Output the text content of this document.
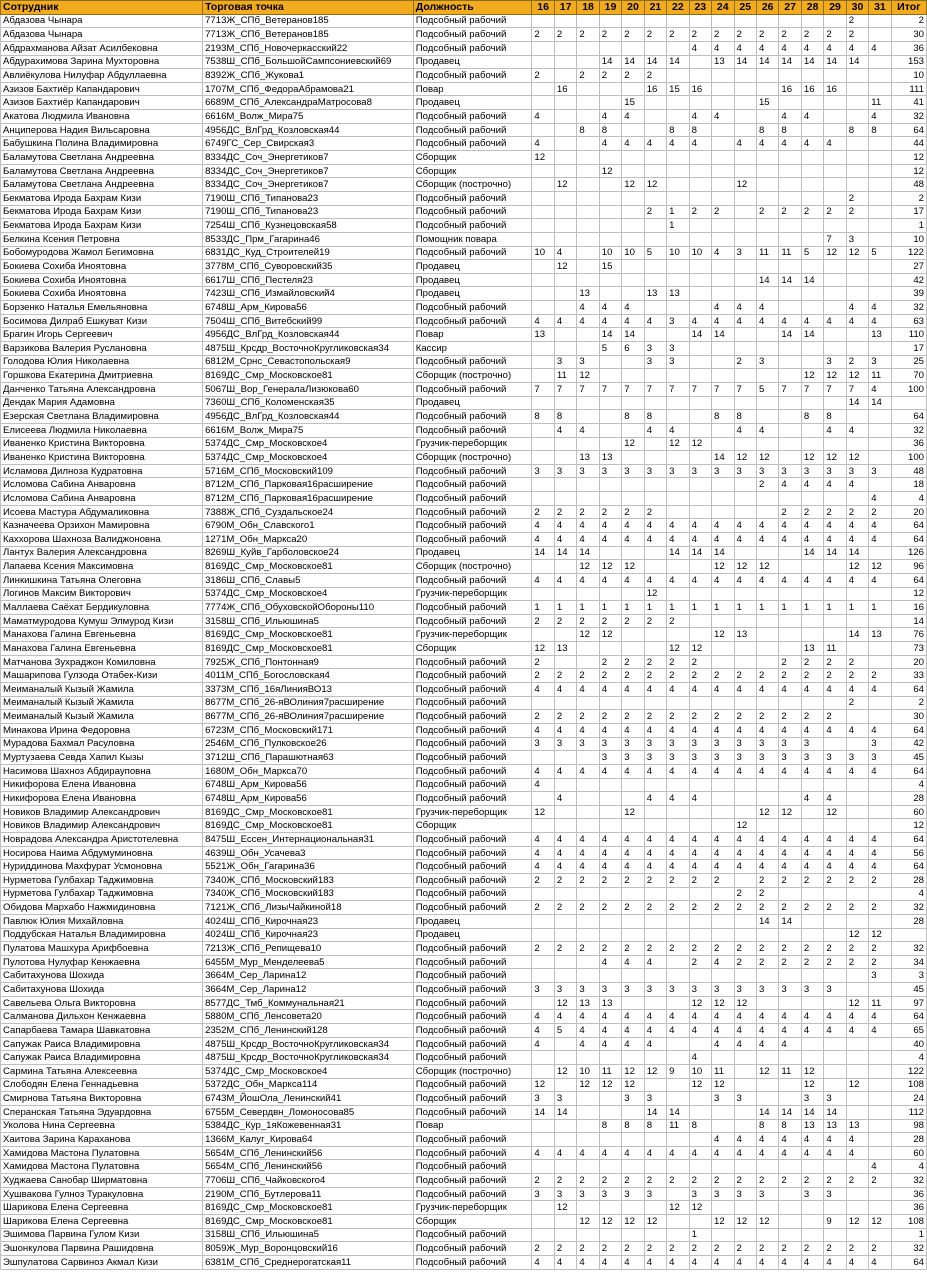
Сотрудник	Торговая точка	Должность	16	17	18	19	20	21	22	23	24	25	26	27	28	29	30	31	Итог
Абдазова Чынара	7713Ж_СПб_Ветеранов185	Подсобный рабочий															2		2
Абдазова Чынара	7713Ж_СПб_Ветеранов185	Подсобный рабочий	2	2	2	2	2	2	2	2	2	2	2	2	2	2	2		30
Абдрахманова Айзат Асилбековна	2193М_СПб_Новочеркасский22	Подсобный рабочий								4	4	4	4	4	4	4	4	4	36
Абдурахимова Зарина Мухторовна	7538Ш_СПб_БольшойСампсониевский69	Продавец				14	14	14	14		13	14	14	14	14	14	14		153
Авлиёкулова Нилуфар Абдуллаевна	8392Ж_СПб_Жукова1	Подсобный рабочий	2		2	2	2	2											10
Азизов Бахтиёр Капандарович	1707М_СПб_ФедораАбрамова21	Повар		16				16	15	16				16	16	16			111
Азизов Бахтиёр Капандарович	6689М_СПб_АлександраМатросова8	Продавец					15						15					11	41
Акатова Людмила Ивановна	6616М_Волж_Мира75	Подсобный рабочий	4			4	4			4	4			4	4			4	32
Анциперова Надия Вильсаровна	4956ДС_ВлГрд_Козловская44	Подсобный рабочий			8	8			8	8			8	8			8	8	64
Бабушкина Полина Владимировна	6749ГС_Сер_Свирская3	Подсобный рабочий	4			4	4	4	4	4		4	4	4	4	4			44
Баламутова Светлана Андреевна	8334ДС_Соч_Энергетиков7	Сборщик	12																12
Баламутова Светлана Андреевна	8334ДС_Соч_Энергетиков7	Сборщик				12													12
Баламутова Светлана Андреевна	8334ДС_Соч_Энергетиков7	Сборщик (построчно)		12			12	12				12							48
Бекматова Ирода Бахрам Кизи	7190Ш_СПб_Типанова23	Подсобный рабочий															2		2
Бекматова Ирода Бахрам Кизи	7190Ш_СПб_Типанова23	Подсобный рабочий						2	1	2	2		2	2	2	2	2		17
Бекматова Ирода Бахрам Кизи	7254Ш_СПб_Кузнецовская58	Подсобный рабочий							1										1
Белкина Ксения Петровна	8533ДС_Прм_Гагарина46	Помощник повара														7	3		10
Бобомуродова Жамол Бегимовна	6831ДС_Куд_Строителей19	Подсобный рабочий	10	4		10	10	5	10	10	4	3	11	11	5	12	12	5	122
Бокиева Сохиба Иноятовна	3778М_СПб_Суворовский35	Продавец		12		15													27
Бокиева Сохиба Иноятовна	6617Ш_СПб_Пестеля23	Продавец											14	14	14				42
Бокиева Сохиба Иноятовна	7423Ш_СПб_Измайловский4	Продавец			13			13	13										39
Борзенко Наталья Емельяновна	6748Ш_Арм_Кирова56	Подсобный рабочий			4	4	4				4	4	4				4	4	32
Босимова Дилраб Ешкуват Кизи	7504Ш_СПб_Витебский99	Подсобный рабочий	4	4	4	4	4	4	3	4	4	4	4	4	4	4	4	4	63
Брагин Игорь Сергеевич	4956ДС_ВлГрд_Козловская44	Повар	13			14	14			14	14			14	14			13	110
Варзикова Валерия Руслановна	4875Ш_Крсдр_ВосточноКругликовская34	Кассир				5	6	3	3										17
Голодова Юлия Николаевна	6812М_Срнс_Севастопольская9	Подсобный рабочий		3	3			3	3			2	3			3	2	3	25
Горшкова Екатерина Дмитриевна	8169ДС_Смр_Московское81	Сборщик (построчно)		11	12										12	12	12	11	70
Данченко Татьяна Александровна	5067Ш_Вор_ГенералаЛизюкова60	Подсобный рабочий	7	7	7	7	7	7	7	7	7	7	5	7	7	7	7	4	100
Дендак Мария Адамовна	7360Ш_СПб_Коломенская35	Продавец															14	14	
Езерская Светлана Владимировна	4956ДС_ВлГрд_Козловская44	Подсобный рабочий	8	8			8	8			8	8			8	8			64
Елисеева Людмила Николаевна	6616М_Волж_Мира75	Подсобный рабочий		4	4			4	4			4	4			4	4		32
Иваненко Кристина Викторовна	5374ДС_Смр_Московское4	Грузчик-переборщик					12		12	12									36
Иваненко Кристина Викторовна	5374ДС_Смр_Московское4	Сборщик (построчно)			13	13					14	12	12		12	12	12		100
Исламова Дилноза Кудратовна	5716М_СПб_Московский109	Подсобный рабочий	3	3	3	3	3	3	3	3	3	3	3	3	3	3	3	3	48
Исломова Сабина Анваровна	8712М_СПб_Парковая16расширение	Подсобный рабочий											2	4	4	4	4		18
Исломова Сабина Анваровна	8712М_СПб_Парковая16расширение	Подсобный рабочий																4	4
Исоева Мастура Абдумаликовна	7388Ж_СПб_Суздальское24	Подсобный рабочий	2	2	2	2	2	2						2	2	2	2	2	20
Казначеева Орзихон Мамировна	6790М_Обн_Славского1	Подсобный рабочий	4	4	4	4	4	4	4	4	4	4	4	4	4	4	4	4	64
Каххорова Шахноза Валиджоновна	1271М_Обн_Маркса20	Подсобный рабочий	4	4	4	4	4	4	4	4	4	4	4	4	4	4	4	4	64
Лантух Валерия Александровна	8269Ш_Куйв_Гарболовское24	Продавец	14	14	14				14	14	14				14	14	14		126
Лапаева Ксения Максимовна	8169ДС_Смр_Московское81	Сборщик (построчно)			12	12	12				12	12	12				12	12	96
Линкишкина Татьяна Олеговна	3186Ш_СПб_Славы5	Подсобный рабочий	4	4	4	4	4	4	4	4	4	4	4	4	4	4	4	4	64
Логинов Максим Викторович	5374ДС_Смр_Московское4	Грузчик-переборщик						12											12
Маллаева Саёхат Бердикуловна	7774Ж_СПб_ОбуховскойОбороны110	Подсобный рабочий	1	1	1	1	1	1	1	1	1	1	1	1	1	1	1	1	16
Маматмуродова Кумуш Элмурод Кизи	3158Ш_СПб_Ильюшина5	Подсобный рабочий	2	2	2	2	2	2	2										14
Манахова Галина Евгеньевна	8169ДС_Смр_Московское81	Грузчик-переборщик			12	12					12	13					14	13	76
Манахова Галина Евгеньевна	8169ДС_Смр_Московское81	Сборщик	12	13					12	12					13	11			73
Матчанова Зухраджон Комиловна	7925Ж_СПб_Понтонная9	Подсобный рабочий	2			2	2	2	2	2				2	2	2	2		20
Машарипова Гулзода Отабек-Кизи	4011М_СПб_Богословская4	Подсобный рабочий	2	2	2	2	2	2	2	2	2	2	2	2	2	2	2	2	33
Меиманалый Кызый Жамила	3373М_СПб_16яЛинияВО13	Подсобный рабочий	4	4	4	4	4	4	4	4	4	4	4	4	4	4	4	4	64
Меиманалый Кызый Жамила	8677М_СПб_26-яВОлиния7расширение	Подсобный рабочий															2		2
Меиманалый Кызый Жамила	8677М_СПб_26-яВОлиния7расширение	Подсобный рабочий	2	2	2	2	2	2	2	2	2	2	2	2	2	2			30
Минакова Ирина Федоровна	6723М_СПб_Московский171	Подсобный рабочий	4	4	4	4	4	4	4	4	4	4	4	4	4	4	4	4	64
Мурадова Бахмал Расуловна	2546М_СПб_Пулковское26	Подсобный рабочий	3	3	3	3	3	3	3	3	3	3	3	3	3			3	42
Муртузаева Севда Хапил Кызы	3712Ш_СПб_Парашютная63	Подсобный рабочий				3	3	3	3	3	3	3	3	3	3	3	3	3	45
Насимова Шахноз Абдирауповна	1680М_Обн_Маркса70	Подсобный рабочий	4	4	4	4	4	4	4	4	4	4	4	4	4	4	4	4	64
Никифорова Елена Ивановна	6748Ш_Арм_Кирова56	Подсобный рабочий	4																4
Никифорова Елена Ивановна	6748Ш_Арм_Кирова56	Подсобный рабочий		4				4	4	4					4	4			28
Новиков Владимир Александрович	8169ДС_Смр_Московское81	Грузчик-переборщик	12				12						12	12		12			60
Новиков Владимир Александрович	8169ДС_Смр_Московское81	Сборщик										12							12
Новрадова Александра Аристотелевна	8475Ш_Ессен_Интернациональная31	Подсобный рабочий	4	4	4	4	4	4	4	4	4	4	4	4	4	4	4	4	64
Носирова Наима Абдумуминовна	4639Ш_Обн_Усачева3	Подсобный рабочий	4	4	4	4	4	4	4	4	4	4	4	4	4	4	4	4	56
Нуриддинова Махфурат Усмоновна	5521Ж_Обн_Гагарина36	Подсобный рабочий	4	4	4	4	4	4	4	4	4	4	4	4	4	4	4	4	64
Нурметова Гулбахар Таджимовна	7340Ж_СПб_Московский183	Подсобный рабочий	2	2	2	2	2	2	2	2	2		2	2	2	2	2	2	28
Нурметова Гулбахар Таджимовна	7340Ж_СПб_Московский183	Подсобный рабочий										2	2						4
Обидова Мархабо Нажмидиновна	7121Ж_СПб_ЛизыЧайкиной18	Подсобный рабочий	2	2	2	2	2	2	2	2	2	2	2	2	2	2	2	2	32
Павлюк Юлия Михайловна	4024Ш_СПб_Кирочная23	Продавец											14	14					28
Поддубская Наталья Владимировна	4024Ш_СПб_Кирочная23	Продавец															12	12	
Пулатова Машхура Арифбоевна	7213Ж_СПб_Репищева10	Подсобный рабочий	2	2	2	2	2	2	2	2	2	2	2	2	2	2	2	2	32
Пулотова Нулуфар Кенжаевна	6455М_Мур_Менделеева5	Подсобный рабочий				4	4	4		2	4	2	2	2	2	2	2	2	34
Сабитахунова Шохида	3664М_Сер_Ларина12	Подсобный рабочий																3	3
Сабитахунова Шохида	3664М_Сер_Ларина12	Подсобный рабочий	3	3	3	3	3	3	3	3	3	3	3	3	3	3			45
Савельева Ольга Викторовна	8577ДС_Тмб_Коммунальная21	Подсобный рабочий		12	13	13				12	12	12					12	11	97
Салманова Дильхон Кенжаевна	5880М_СПб_Ленсовета20	Подсобный рабочий	4	4	4	4	4	4	4	4	4	4	4	4	4	4	4	4	64
Сапарбаева Тамара Шавкатовна	2352М_СПб_Ленинский128	Подсобный рабочий	4	5	4	4	4	4	4	4	4	4	4	4	4	4	4	4	65
Сапужак Раиса Владимировна	4875Ш_Крсдр_ВосточноКругликовская34	Подсобный рабочий	4		4	4	4	4			4	4	4	4					40
Сапужак Раиса Владимировна	4875Ш_Крсдр_ВосточноКругликовская34	Подсобный рабочий								4									4
Сармина Татьяна Алексеевна	5374ДС_Смр_Московское4	Сборщик (построчно)		12	10	11	12	12	9	10	11		12	11	12				122
Слободян Елена Геннадьевна	5372ДС_Обн_Маркса114	Подсобный рабочий	12		12	12	12			12	12				12		12		108
Смирнова Татьяна Викторовна	6743М_ЙошОла_Ленинский41	Подсобный рабочий	3	3			3	3			3	3			3	3			24
Сперанская Татьяна Эдуардовна	6755М_Севердвн_Ломоносова85	Подсобный рабочий	14	14				14	14				14	14	14	14			112
Уколова Нина Сергеевна	5384ДС_Кур_1яКожевенная31	Повар				8	8	8	11	8			8	8	13	13	13		98
Хаитова Зарина Караханова	1366М_Калуг_Кирова64	Подсобный рабочий									4	4	4	4	4	4	4		28
Хамидова Мастона Пулатовна	5654М_СПб_Ленинский56	Подсобный рабочий	4	4	4	4	4	4	4	4	4	4	4	4	4	4	4		60
Хамидова Мастона Пулатовна	5654М_СПб_Ленинский56	Подсобный рабочий																4	4
Худжаева Санобар Ширматовна	7706Ш_СПб_Чайковского4	Подсобный рабочий	2	2	2	2	2	2	2	2	2	2	2	2	2	2	2	2	32
Хушвакова Гулноз Туракуловна	2190М_СПб_Бутлерова11	Подсобный рабочий	3	3	3	3	3	3		3	3	3	3		3	3			36
Шарикова Елена Сергеевна	8169ДС_Смр_Московское81	Грузчик-переборщик		12					12	12									36
Шарикова Елена Сергеевна	8169ДС_Смр_Московское81	Сборщик			12	12	12	12			12	12	12			9	12	12	108
Эшимова Парвина Гулом Кизи	3158Ш_СПб_Ильюшина5	Подсобный рабочий								1									1
Эшонкулова Парвина Рашидовна	8059Ж_Мур_Воронцовский16	Подсобный рабочий	2	2	2	2	2	2	2	2	2	2	2	2	2	2	2	2	32
Эшпулатова Сарвиноз Акмал Кизи	6381М_СПб_Среднерогатская11	Подсобный рабочий	4	4	4	4	4	4	4	4	4	4	4	4	4	4	4	4	64
